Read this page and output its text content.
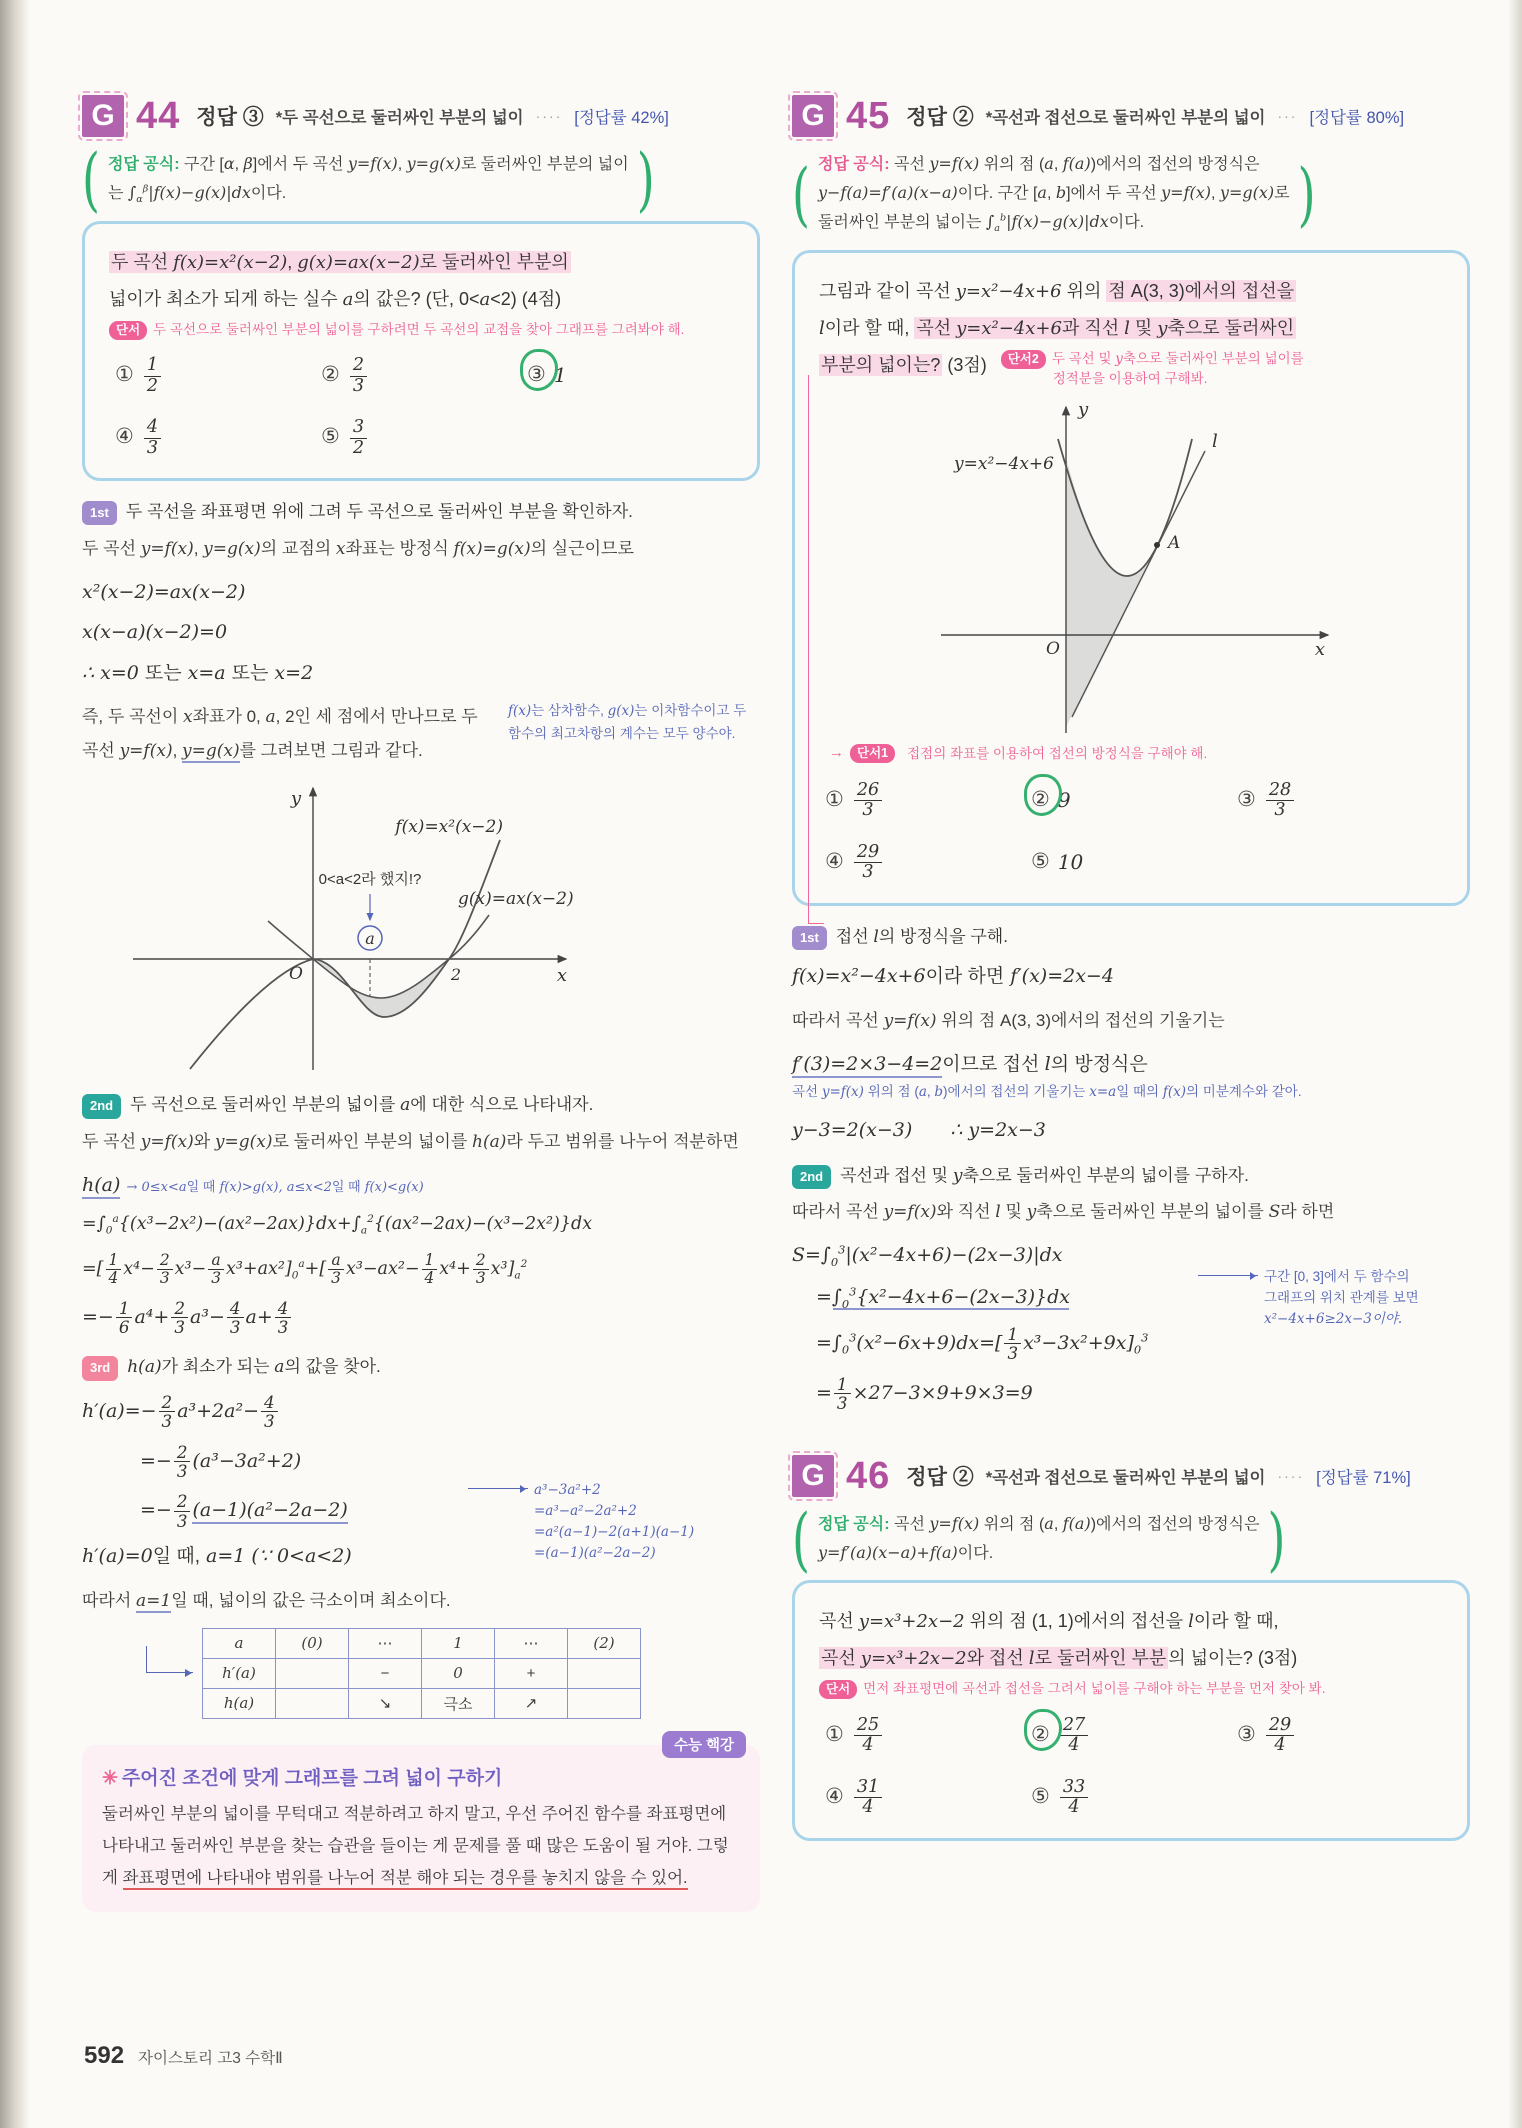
G 44 정답 ③ *두 곡선으로 둘러싸인 부분의 넓이 ···· [정답률 42%]
( 정답 공식: 구간 [α, β]에서 두 곡선 y=f(x), y=g(x)로 둘러싸인 부분의 넓이
는 $\int_\alpha^\beta|f(x)-g(x)|dx$이다.	)
두 곡선 f(x)=x²(x−2), g(x)=ax(x−2)로 둘러싸인 부분의
넓이가 최소가 되게 하는 실수 a의 값은? (단, 0<a<2) (4점)
단서 두 곡선으로 둘러싸인 부분의 넓이를 구하려면 두 곡선의 교점을 찾아 그래프를 그려봐야 해.
① $\frac{1}{2}$	② $\frac{2}{3}$	③ 1
④ $\frac{4}{3}$	⑤ $\frac{3}{2}$
1st	두 곡선을 좌표평면 위에 그려 두 곡선으로 둘러싸인 부분을 확인하자.
두 곡선 y=f(x), y=g(x)의 교점의 x좌표는 방정식 f(x)=g(x)의 실근이므로
x²(x−2)=ax(x−2)
x(x−a)(x−2)=0
∴ x=0 또는 x=a 또는 x=2
f(x)는 삼차함수, g(x)는 이차함수이고 두 함수의 최고차항의 계수는 모두 양수야.
즉, 두 곡선이 x좌표가 0, a, 2인 세 점에서 만나므로 두 곡선 y=f(x), y=g(x)를 그려보면 그림과 같다.
a
0<a<2라 했지!?
y
x
O	2
f(x)=x²(x−2)
g(x)=ax(x−2)
2nd	두 곡선으로 둘러싸인 부분의 넓이를 a에 대한 식으로 나타내자.
두 곡선 y=f(x)와 y=g(x)로 둘러싸인 부분의 넓이를 h(a)라 두고 범위를 나누어 적분하면
h(a) → 0≤x<a일 때 f(x)>g(x), a≤x<2일 때 f(x)<g(x)
$=\int_0^a\{(x^3-2x^2)-(ax^2-2ax)\}dx+\int_a^2\{(ax^2-2ax)-(x^3-2x^2)\}dx$
=[ $\frac{1}{4} x^4- \frac{2}{3} x^3- \frac{a}{3} x^3+ax^2]_0^a+[ \frac{a}{3} x^3-ax^2- \frac{1}{4} x^4+ \frac{2}{3} x^3]_a^2$
=− $\frac{1}{6} a^4+ \frac{2}{3} a^3- \frac{4}{3} a+ \frac{4}{3}$
3rd	h(a)가 최소가 되는 a의 값을 찾아.
$h'(a)=- \frac{2}{3} a^3+2a^2- \frac{4}{3}$
=− $\frac{2}{3} (a^3-3a^2+2)$
=− $\frac{2}{3} (a-1)(a^2-2a-2)$
a³−3a²+2
=a³−a²−2a²+2
=a²(a−1)−2(a+1)(a−1)
=(a−1)(a²−2a−2)
h′(a)=0일 때, a=1 (∵ 0<a<2)
따라서 a=1일 때, 넓이의 값은 극소이며 최소이다.
a	(0)	⋯	1	⋯	(2)
h′(a)		−	0	+	
h(a)		↘	극소	↗	
수능 핵강
✳ 주어진 조건에 맞게 그래프를 그려 넓이 구하기
둘러싸인 부분의 넓이를 무턱대고 적분하려고 하지 말고, 우선 주어진 함수를 좌표평면에 나타내고 둘러싸인 부분을 찾는 습관을 들이는 게 문제를 풀 때 많은 도움이 될 거야. 그렇게 좌표평면에 나타내야 범위를 나누어 적분 해야 되는 경우를 놓치지 않을 수 있어.
G 45 정답 ② *곡선과 접선으로 둘러싸인 부분의 넓이 ··· [정답률 80%]
( 정답 공식: 곡선 y=f(x) 위의 점 (a, f(a))에서의 접선의 방정식은
y−f(a)=f′(a)(x−a)이다. 구간 [a, b]에서 두 곡선 y=f(x), y=g(x)로
둘러싸인 부분의 넓이는 $\int_a^b|f(x)-g(x)|dx$이다.	)
그림과 같이 곡선 y=x²−4x+6 위의 점 A(3, 3)에서의 접선을
l이라 할 때, 곡선 y=x²−4x+6과 직선 l 및 y축으로 둘러싸인
부분의 넓이는? (3점)	단서2 두 곡선 및 y축으로 둘러싸인 부분의 넓이를
정적분을 이용하여 구해봐.
A
y=x²−4x+6
l
O	x
y
→	단서1	접점의 좌표를 이용하여 접선의 방정식을 구해야 해.
① $\frac{26}{3}$	② 9	③ $\frac{28}{3}$
④ $\frac{29}{3}$	⑤ 10
1st	접선 l의 방정식을 구해.
f(x)=x²−4x+6이라 하면 f′(x)=2x−4
따라서 곡선 y=f(x) 위의 점 A(3, 3)에서의 접선의 기울기는
f′(3)=2×3−4=2이므로 접선 l의 방정식은
곡선 y=f(x) 위의 점 (a, b)에서의 접선의 기울기는 x=a일 때의 f(x)의 미분계수와 같아.
y−3=2(x−3)  ∴ y=2x−3
2nd	곡선과 접선 및 y축으로 둘러싸인 부분의 넓이를 구하자.
따라서 곡선 y=f(x)와 직선 l 및 y축으로 둘러싸인 부분의 넓이를 S라 하면
$S=\int_0^3|(x^2-4x+6)-(2x-3)|dx$
$=\int_0^3\{x^2-4x+6-(2x-3)\}dx$
구간 [0, 3]에서 두 함수의
그래프의 위치 관계를 보면
x²−4x+6≥2x−3이야.
$=\int_0^3(x^2-6x+9)dx=[ \frac{1}{3} x^3-3x^2+9x]_0^3$
= $\frac{1}{3} \times 27-3\times 9+9\times 3=9$
G 46 정답 ② *곡선과 접선으로 둘러싸인 부분의 넓이 ···· [정답률 71%]
( 정답 공식: 곡선 y=f(x) 위의 점 (a, f(a))에서의 접선의 방정식은
y=f′(a)(x−a)+f(a)이다.	)
곡선 y=x³+2x−2 위의 점 (1, 1)에서의 접선을 l이라 할 때,
곡선 y=x³+2x−2와 접선 l로 둘러싸인 부분 의 넓이는? (3점)
단서 먼저 좌표평면에 곡선과 접선을 그려서 넓이를 구해야 하는 부분을 먼저 찾아 봐.
① $\frac{25}{4}$	② $\frac{27}{4}$	③ $\frac{29}{4}$
④ $\frac{31}{4}$	⑤ $\frac{33}{4}$
592 자이스토리 고3 수학Ⅱ
